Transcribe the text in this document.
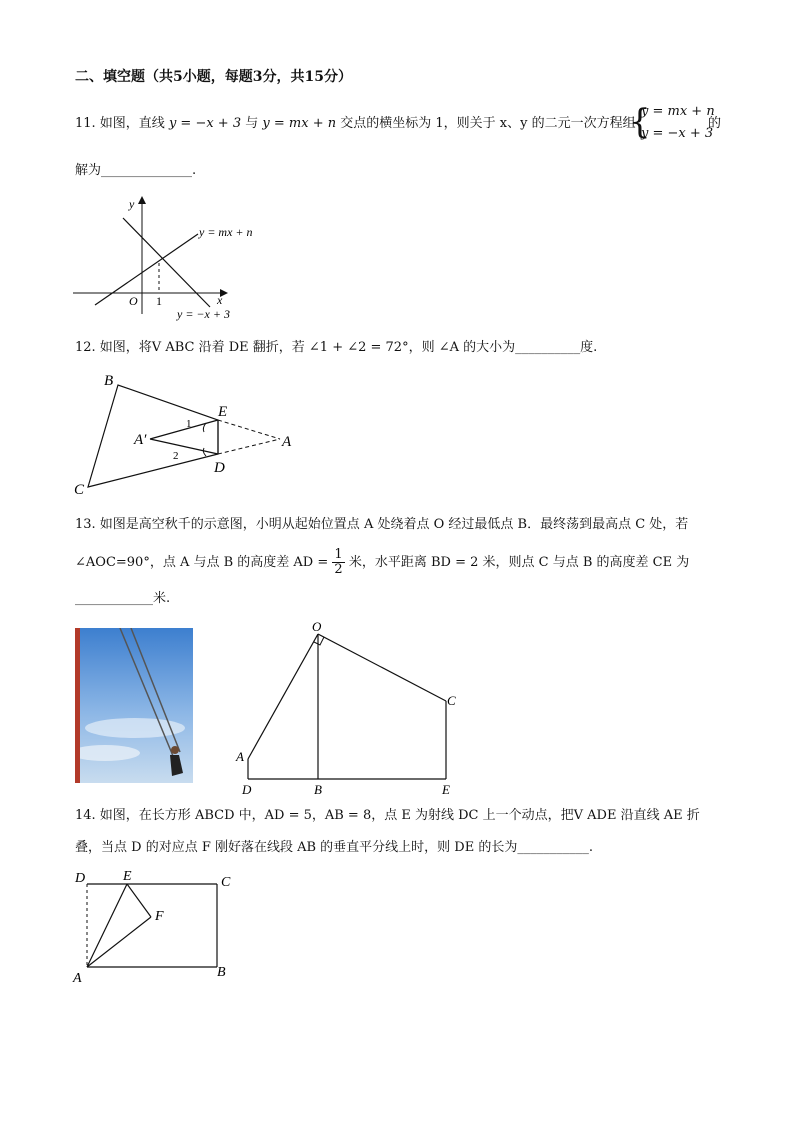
二、填空题（共5小题，每题3分，共15分）
11. 如图，直线 y = −x + 3 与 y = mx + n 交点的横坐标为 1，则关于 x、y 的二元一次方程组
{
y = mx + n
y = −x + 3
的
解为______________.
y
x
O 1
y = mx + n
y = −x + 3
12. 如图，将V ABC 沿着 DE 翻折，若 ∠1 + ∠2 = 72°，则 ∠A 的大小为__________度.
B
C
E
D
A
A′
1
2
13. 如图是高空秋千的示意图，小明从起始位置点 A 处绕着点 O 经过最低点 B．最终荡到最高点 C 处，若
∠AOC=90°，点 A 与点 B 的高度差 AD = $\frac{1}{2}$ 米，水平距离 BD = 2 米，则点 C 与点 B 的高度差 CE 为
____________米.
O
A
D	B
C
E
14. 如图，在长方形 ABCD 中，AD = 5，AB = 8，点 E 为射线 DC 上一个动点，把V ADE 沿直线 AE 折
叠，当点 D 的对应点 F 刚好落在线段 AB 的垂直平分线上时，则 DE 的长为___________.
D	E	C
F
A	B
